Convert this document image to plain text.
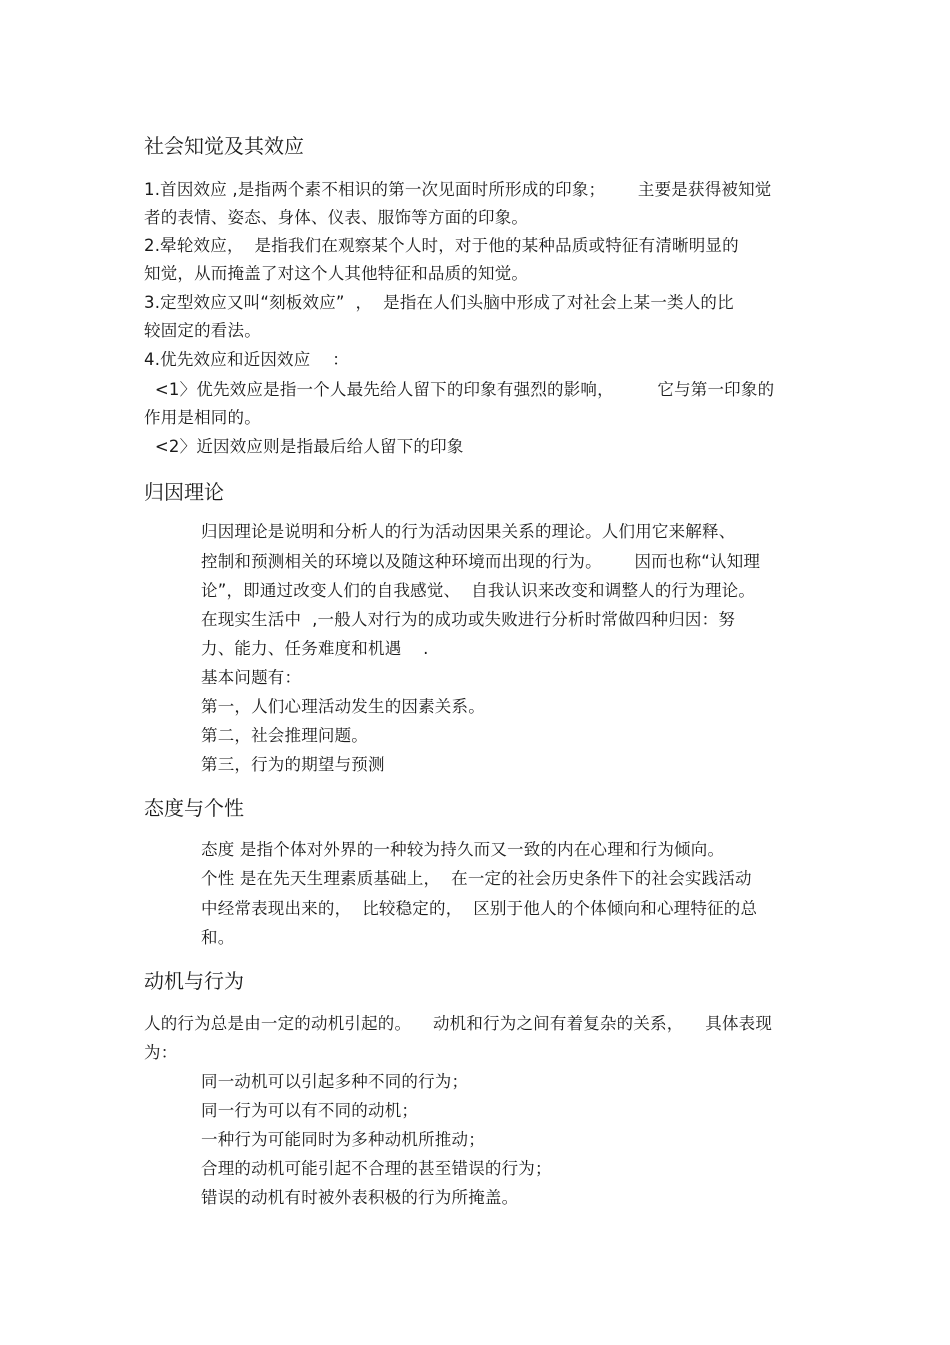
社会知觉及其效应
1.首因效应 ,是指两个素不相识的第一次见面时所形成的印象；      主要是获得被知觉
者的表情、姿态、身体、仪表、服饰等方面的印象。
2.晕轮效应，  是指我们在观察某个人时，对于他的某种品质或特征有清晰明显的
知觉，从而掩盖了对这个人其他特征和品质的知觉。
3.定型效应又叫“刻板效应”  ，  是指在人们头脑中形成了对社会上某一类人的比
较固定的看法。
4.优先效应和近因效应    ：
<1〉优先效应是指一个人最先给人留下的印象有强烈的影响，        它与第一印象的
作用是相同的。
<2〉近因效应则是指最后给人留下的印象
归因理论
归因理论是说明和分析人的行为活动因果关系的理论。人们用它来解释、
控制和预测相关的环境以及随这种环境而出现的行为。      因而也称“认知理
论”，即通过改变人们的自我感觉、  自我认识来改变和调整人的行为理论。
在现实生活中  ,一般人对行为的成功或失败进行分析时常做四种归因：努
力、能力、任务难度和机遇    .
基本问题有：
第一，人们心理活动发生的因素关系。
第二，社会推理问题。
第三，行为的期望与预测
态度与个性
态度 是指个体对外界的一种较为持久而又一致的内在心理和行为倾向。
个性 是在先天生理素质基础上，  在一定的社会历史条件下的社会实践活动
中经常表现出来的，  比较稳定的，  区别于他人的个体倾向和心理特征的总
和。
动机与行为
人的行为总是由一定的动机引起的。    动机和行为之间有着复杂的关系，    具体表现
为：
同一动机可以引起多种不同的行为；
同一行为可以有不同的动机；
一种行为可能同时为多种动机所推动；
合理的动机可能引起不合理的甚至错误的行为；
错误的动机有时被外表积极的行为所掩盖。
